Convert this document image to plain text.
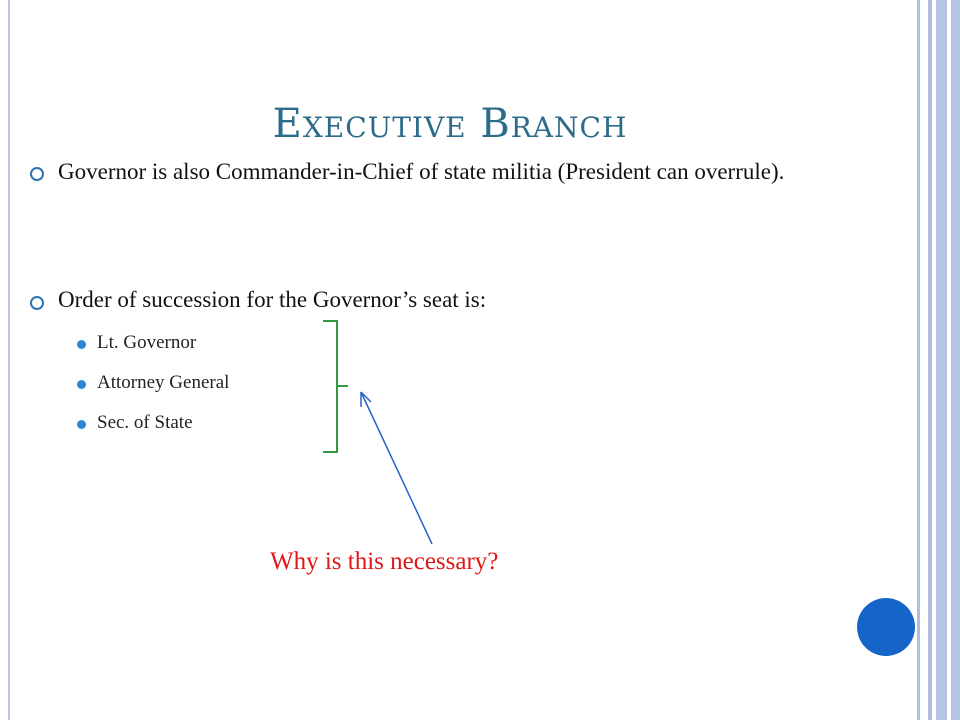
Executive Branch
Governor is also Commander-in-Chief of state militia (President can overrule).
Order of succession for the Governor’s seat is:
Lt. Governor
Attorney General
Sec. of State
Why is this necessary?
